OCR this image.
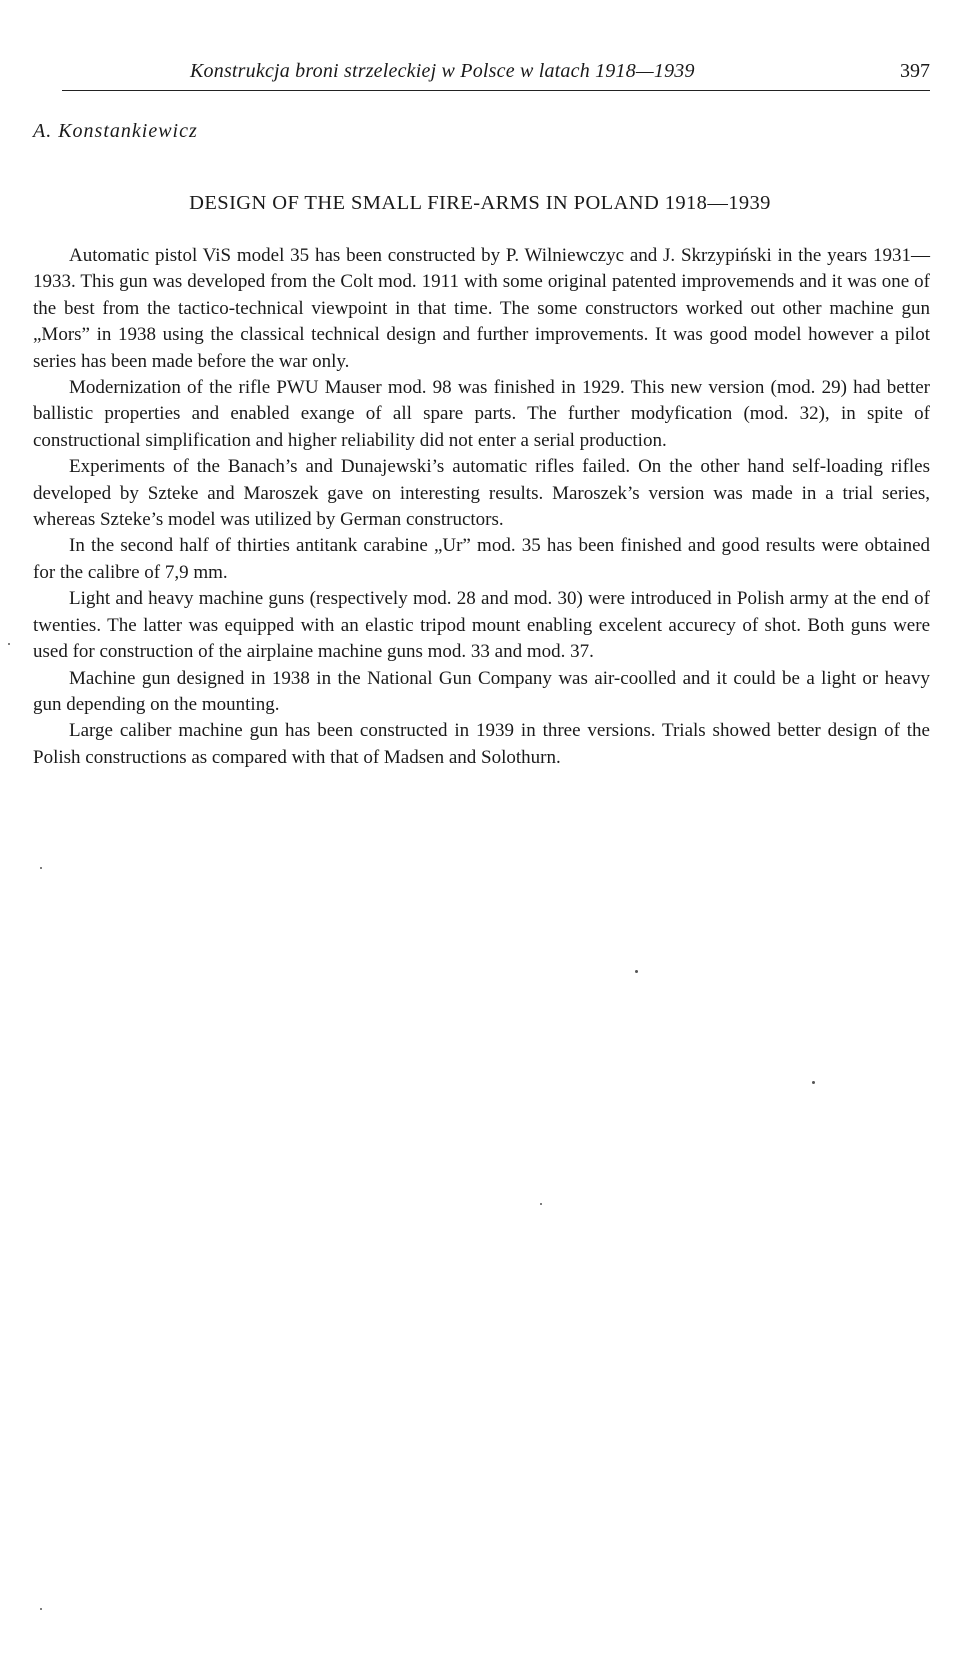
Konstrukcja broni strzeleckiej w Polsce w latach 1918—1939	397
A. Konstankiewicz
DESIGN OF THE SMALL FIRE-ARMS IN POLAND 1918—1939

Automatic pistol ViS model 35 has been constructed by P. Wilniewczyc and J. Skrzypiński in the years 1931—1933. This gun was developed from the Colt mod. 1911 with some original patented improvemends and it was one of the best from the tactico-technical viewpoint in that time. The some constructors worked out other machine gun „Mors” in 1938 using the classical technical design and further improvements. It was good model however a pilot series has been made before the war only.

Modernization of the rifle PWU Mauser mod. 98 was finished in 1929. This new version (mod. 29) had better ballistic properties and enabled exange of all spare parts. The further modyfication (mod. 32), in spite of constructional simplification and higher reliability did not enter a serial production.

Experiments of the Banach’s and Dunajewski’s automatic rifles failed. On the other hand self-loading rifles developed by Szteke and Maroszek gave on interesting results. Maroszek’s version was made in a trial series, whereas Szteke’s model was utilized by German constructors.

In the second half of thirties antitank carabine „Ur” mod. 35 has been finished and good results were obtained for the calibre of 7,9 mm.

Light and heavy machine guns (respectively mod. 28 and mod. 30) were introduced in Polish army at the end of twenties. The latter was equipped with an elastic tripod mount enabling excelent accurecy of shot. Both guns were used for construction of the airplaine machine guns mod. 33 and mod. 37.

Machine gun designed in 1938 in the National Gun Company was air-coolled and it could be a light or heavy gun depending on the mounting.

Large caliber machine gun has been constructed in 1939 in three versions. Trials showed better design of the Polish constructions as compared with that of Madsen and Solothurn.
